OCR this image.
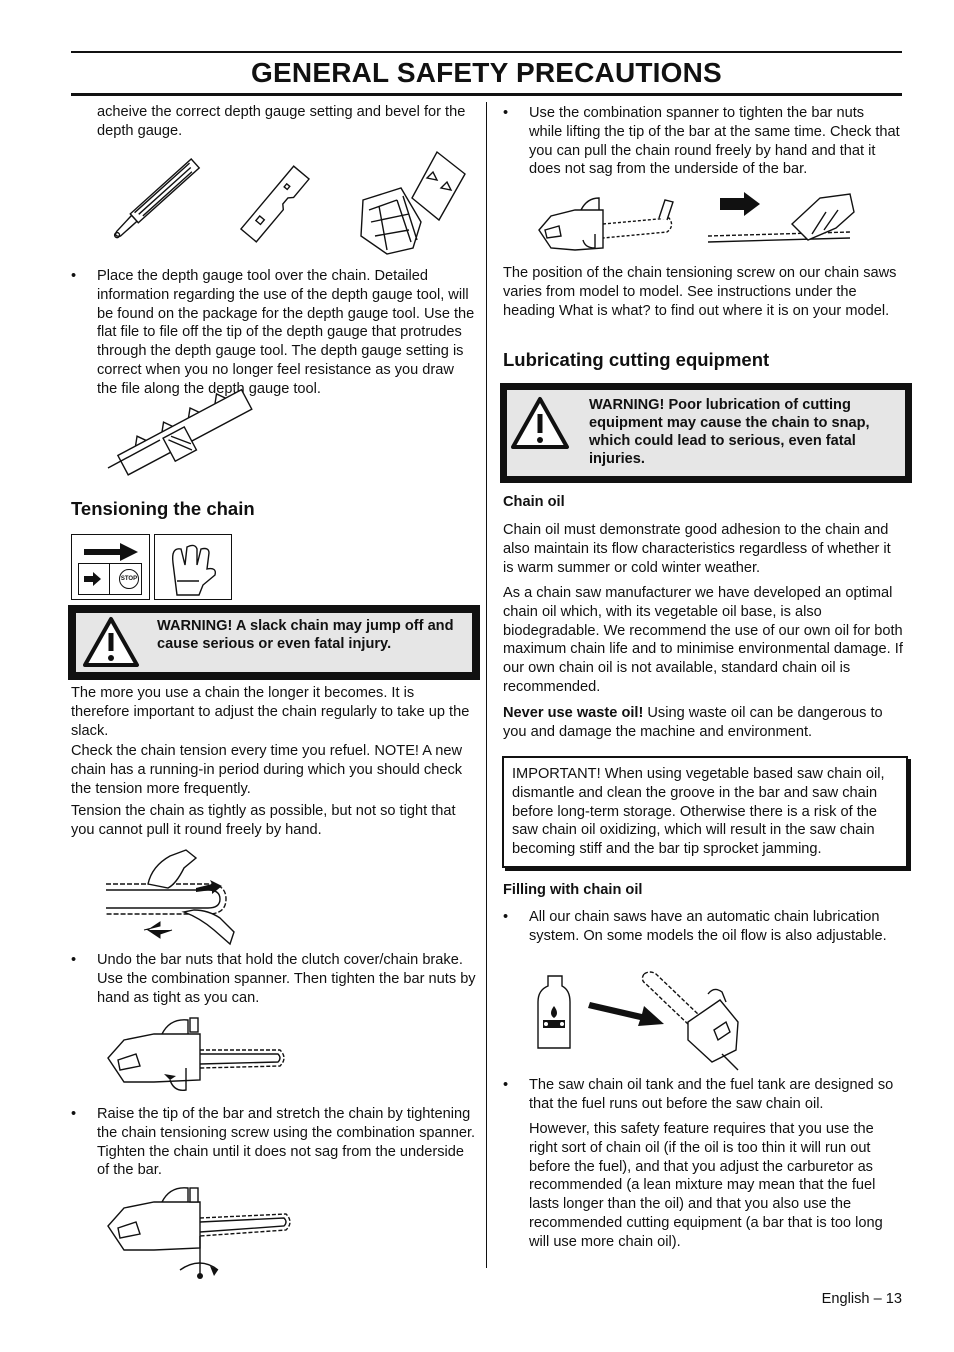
GENERAL SAFETY PRECAUTIONS

acheive the correct depth gauge setting and bevel for the depth gauge.

• Place the depth gauge tool over the chain. Detailed information regarding the use of the depth gauge tool, will be found on the package for the depth gauge tool. Use the flat file to file off the tip of the depth gauge that protrudes through the depth gauge tool. The depth gauge setting is correct when you no longer feel resistance as you draw the file along the depth gauge tool.

Tensioning the chain

STOP

WARNING! A slack chain may jump off and cause serious or even fatal injury.

The more you use a chain the longer it becomes. It is therefore important to adjust the chain regularly to take up the slack.

Check the chain tension every time you refuel. NOTE! A new chain has a running-in period during which you should check the tension more frequently.

Tension the chain as tightly as possible, but not so tight that you cannot pull it round freely by hand.

• Undo the bar nuts that hold the clutch cover/chain brake. Use the combination spanner. Then tighten the bar nuts by hand as tight as you can.

• Raise the tip of the bar and stretch the chain by tightening the chain tensioning screw using the combination spanner. Tighten the chain until it does not sag from the underside of the bar.

• Use the combination spanner to tighten the bar nuts while lifting the tip of the bar at the same time. Check that you can pull the chain round freely by hand and that it does not sag from the underside of the bar.

The position of the chain tensioning screw on our chain saws varies from model to model. See instructions under the heading What is what? to find out where it is on your model.

Lubricating cutting equipment

WARNING! Poor lubrication of cutting equipment may cause the chain to snap, which could lead to serious, even fatal injuries.

Chain oil

Chain oil must demonstrate good adhesion to the chain and also maintain its flow characteristics regardless of whether it is warm summer or cold winter weather.

As a chain saw manufacturer we have developed an optimal chain oil which, with its vegetable oil base, is also biodegradable. We recommend the use of our own oil for both maximum chain life and to minimise environmental damage. If our own chain oil is not available, standard chain oil is recommended.

Never use waste oil! Using waste oil can be dangerous to you and damage the machine and environment.

IMPORTANT! When using vegetable based saw chain oil, dismantle and clean the groove in the bar and saw chain before long-term storage. Otherwise there is a risk of the saw chain oil oxidizing, which will result in the saw chain becoming stiff and the bar tip sprocket jamming.

Filling with chain oil

• All our chain saws have an automatic chain lubrication system. On some models the oil flow is also adjustable.

• The saw chain oil tank and the fuel tank are designed so that the fuel runs out before the saw chain oil.

However, this safety feature requires that you use the right sort of chain oil (if the oil is too thin it will run out before the fuel), and that you adjust the carburetor as recommended (a lean mixture may mean that the fuel lasts longer than the oil) and that you also use the recommended cutting equipment (a bar that is too long will use more chain oil).

English – 13
